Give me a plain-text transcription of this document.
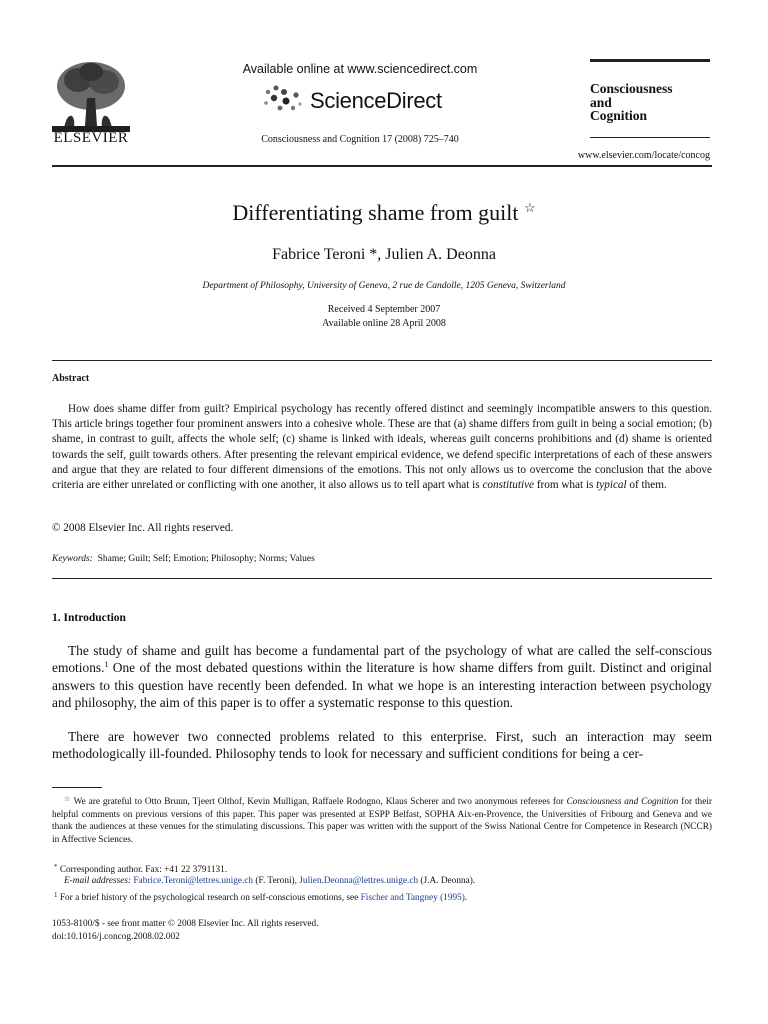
ELSEVIER
Available online at www.sciencedirect.com
ScienceDirect
Consciousness and Cognition 17 (2008) 725–740
Consciousness
and
Cognition
www.elsevier.com/locate/concog
Differentiating shame from guilt ☆
Fabrice Teroni *, Julien A. Deonna
Department of Philosophy, University of Geneva, 2 rue de Candolle, 1205 Geneva, Switzerland
Received 4 September 2007
Available online 28 April 2008
Abstract
How does shame differ from guilt? Empirical psychology has recently offered distinct and seemingly incompatible answers to this question. This article brings together four prominent answers into a cohesive whole. These are that (a) shame differs from guilt in being a social emotion; (b) shame, in contrast to guilt, affects the whole self; (c) shame is linked with ideals, whereas guilt concerns prohibitions and (d) shame is oriented towards the self, guilt towards others. After presenting the relevant empirical evidence, we defend specific interpretations of each of these answers and argue that they are related to four different dimensions of the emotions. This not only allows us to overcome the conclusion that the above criteria are either unrelated or conflicting with one another, it also allows us to tell apart what is constitutive from what is typical of them.
© 2008 Elsevier Inc. All rights reserved.
Keywords: Shame; Guilt; Self; Emotion; Philosophy; Norms; Values
1. Introduction
The study of shame and guilt has become a fundamental part of the psychology of what are called the self-conscious emotions.$^1$ One of the most debated questions within the literature is how shame differs from guilt. Distinct and original answers to this question have recently been defended. In what we hope is an interesting interaction between psychology and philosophy, the aim of this paper is to offer a systematic response to this question.
There are however two connected problems related to this enterprise. First, such an interaction may seem methodologically ill-founded. Philosophy tends to look for necessary and sufficient conditions for being a cer-
☆ We are grateful to Otto Bruun, Tjeert Olthof, Kevin Mulligan, Raffaele Rodogno, Klaus Scherer and two anonymous referees for Consciousness and Cognition for their helpful comments on previous versions of this paper. This paper was presented at ESPP Belfast, SOPHA Aix-en-Provence, the Universities of Fribourg and Geneva and we thank the audiences at these venues for the stimulating discussions. This paper was written with the support of the Swiss National Centre for Competence in Research (NCCR) in Affective Sciences.
* Corresponding author. Fax: +41 22 3791131.
E-mail addresses: Fabrice.Teroni@lettres.unige.ch (F. Teroni), Julien.Deonna@lettres.unige.ch (J.A. Deonna).
$^1$ For a brief history of the psychological research on self-conscious emotions, see Fischer and Tangney (1995).
1053-8100/$ - see front matter © 2008 Elsevier Inc. All rights reserved.
doi:10.1016/j.concog.2008.02.002
